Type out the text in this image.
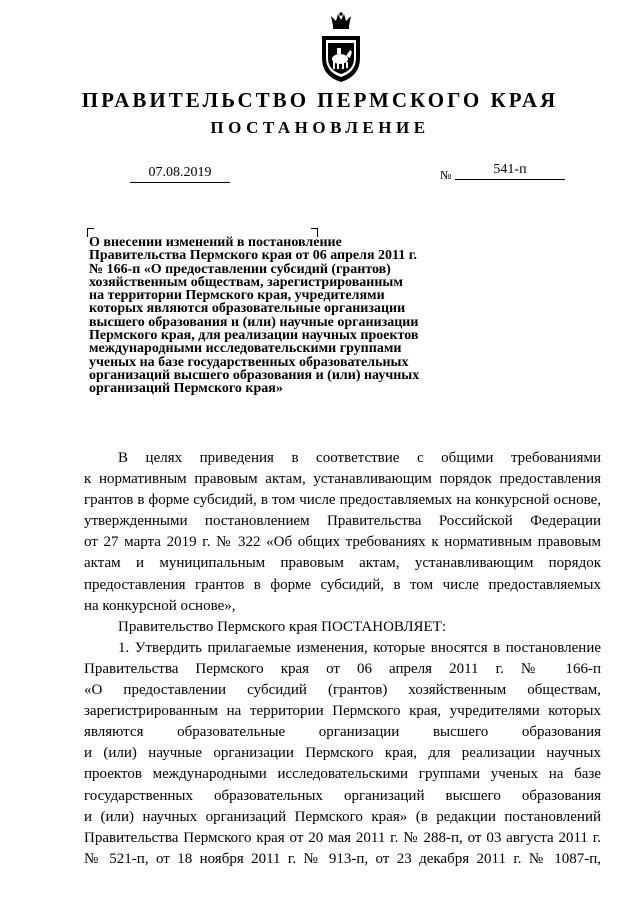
ПРАВИТЕЛЬСТВО ПЕРМСКОГО КРАЯ
ПОСТАНОВЛЕНИЕ
07.08.2019	№	541-п
О внесении изменений в постановление
Правительства Пермского края от 06 апреля 2011 г.
№ 166-п «О предоставлении субсидий (грантов)
хозяйственным обществам, зарегистрированным
на территории Пермского края, учредителями
которых являются образовательные организации
высшего образования и (или) научные организации
Пермского края, для реализации научных проектов
международными исследовательскими группами
ученых на базе государственных образовательных
организаций высшего образования и (или) научных
организаций Пермского края»
В целях приведения в соответствие с общими требованиями
к нормативным правовым актам, устанавливающим порядок предоставления
грантов в форме субсидий, в том числе предоставляемых на конкурсной основе,
утвержденными постановлением Правительства Российской Федерации
от 27 марта 2019 г. № 322 «Об общих требованиях к нормативным правовым
актам и муниципальным правовым актам, устанавливающим порядок
предоставления грантов в форме субсидий, в том числе предоставляемых
на конкурсной основе»,
Правительство Пермского края ПОСТАНОВЛЯЕТ:
1. Утвердить прилагаемые изменения, которые вносятся в постановление
Правительства Пермского края от 06 апреля 2011 г. № 166-п
«О предоставлении субсидий (грантов) хозяйственным обществам,
зарегистрированным на территории Пермского края, учредителями которых
являются образовательные организации высшего образования
и (или) научные организации Пермского края, для реализации научных
проектов международными исследовательскими группами ученых на базе
государственных образовательных организаций высшего образования
и (или) научных организаций Пермского края» (в редакции постановлений
Правительства Пермского края от 20 мая 2011 г. № 288-п, от 03 августа 2011 г.
№ 521-п, от 18 ноября 2011 г. № 913-п, от 23 декабря 2011 г. № 1087-п,
